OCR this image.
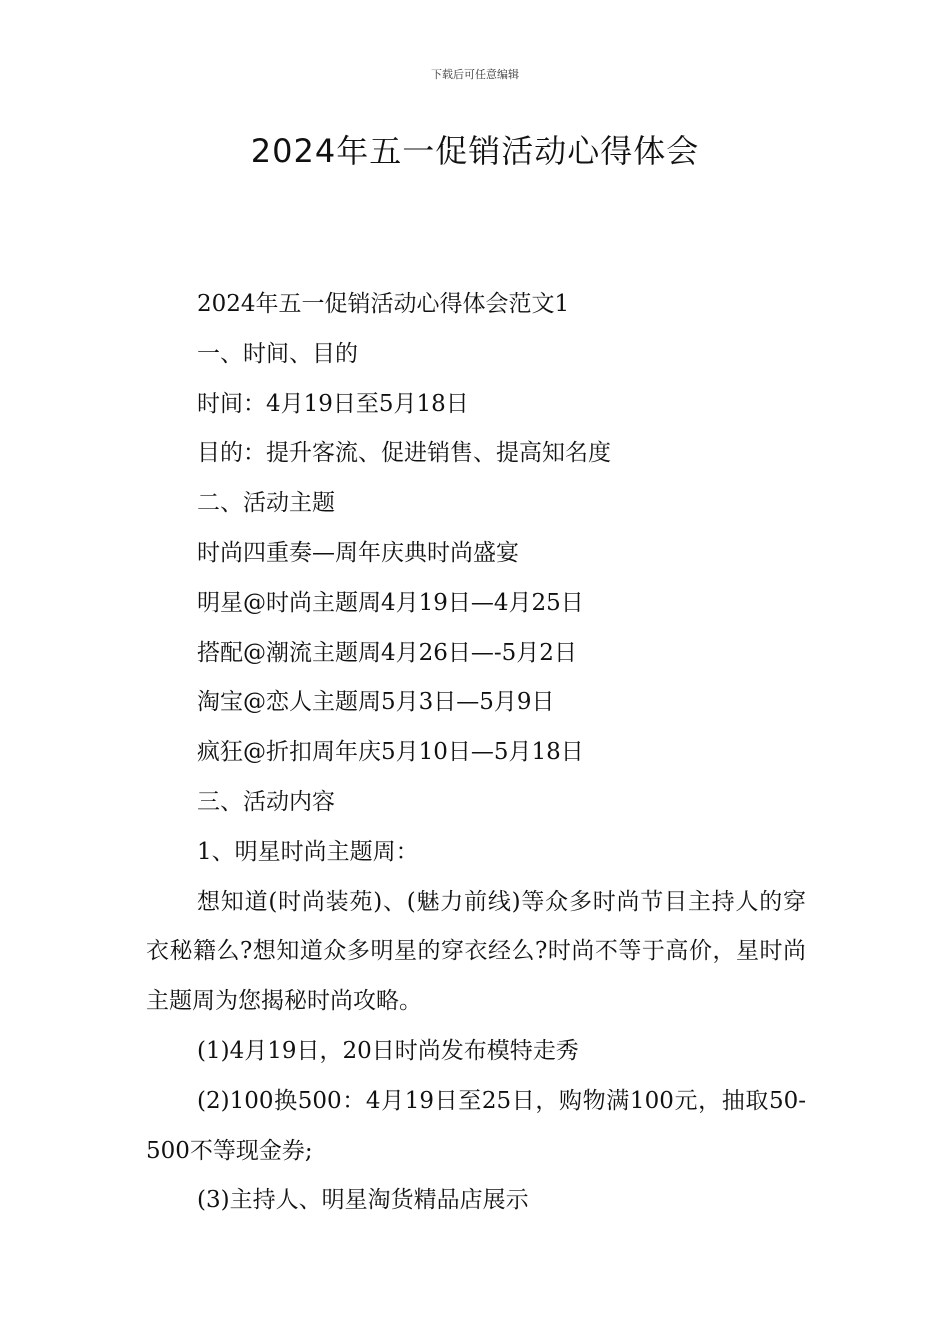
下载后可任意编辑
2024年五一促销活动心得体会

2024年五一促销活动心得体会范文1

一、时间、目的

时间：4月19日至5月18日

目的：提升客流、促进销售、提高知名度

二、活动主题

时尚四重奏—周年庆典时尚盛宴

明星@时尚主题周4月19日—4月25日

搭配@潮流主题周4月26日—-5月2日

淘宝@恋人主题周5月3日—5月9日

疯狂@折扣周年庆5月10日—5月18日

三、活动内容

1、明星时尚主题周：

想知道(时尚装苑)、(魅力前线)等众多时尚节目主持人的穿衣秘籍么?想知道众多明星的穿衣经么?时尚不等于高价，星时尚主题周为您揭秘时尚攻略。

(1)4月19日，20日时尚发布模特走秀

(2)100换500：4月19日至25日，购物满100元，抽取50-500不等现金券;

(3)主持人、明星淘货精品店展示
